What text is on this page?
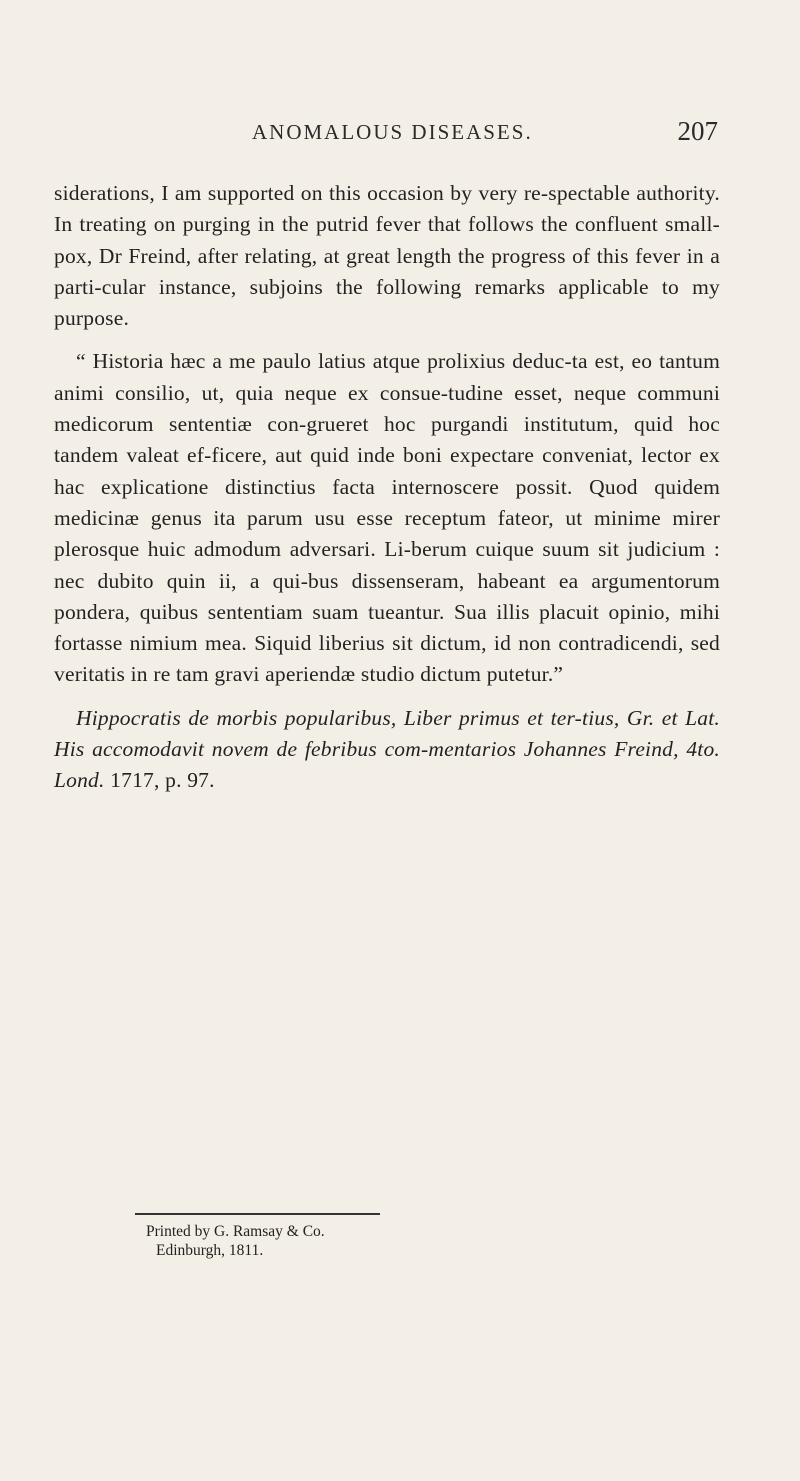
ANOMALOUS DISEASES.	207

siderations, I am supported on this occasion by very re-spectable authority. In treating on purging in the putrid fever that follows the confluent small-pox, Dr Freind, after relating, at great length the progress of this fever in a parti-cular instance, subjoins the following remarks applicable to my purpose.

“ Historia hæc a me paulo latius atque prolixius deduc-ta est, eo tantum animi consilio, ut, quia neque ex consue-tudine esset, neque communi medicorum sententiæ con-grueret hoc purgandi institutum, quid hoc tandem valeat ef-ficere, aut quid inde boni expectare conveniat, lector ex hac explicatione distinctius facta internoscere possit. Quod quidem medicinæ genus ita parum usu esse receptum fateor, ut minime mirer plerosque huic admodum adversari. Li-berum cuique suum sit judicium : nec dubito quin ii, a qui-bus dissenseram, habeant ea argumentorum pondera, quibus sententiam suam tueantur. Sua illis placuit opinio, mihi fortasse nimium mea. Siquid liberius sit dictum, id non contradicendi, sed veritatis in re tam gravi aperiendæ studio dictum putetur.”

Hippocratis de morbis popularibus, Liber primus et ter-tius, Gr. et Lat. His accomodavit novem de febribus com-mentarios Johannes Freind, 4to. Lond. 1717, p. 97.

Printed by G. Ramsay & Co.
Edinburgh, 1811.
